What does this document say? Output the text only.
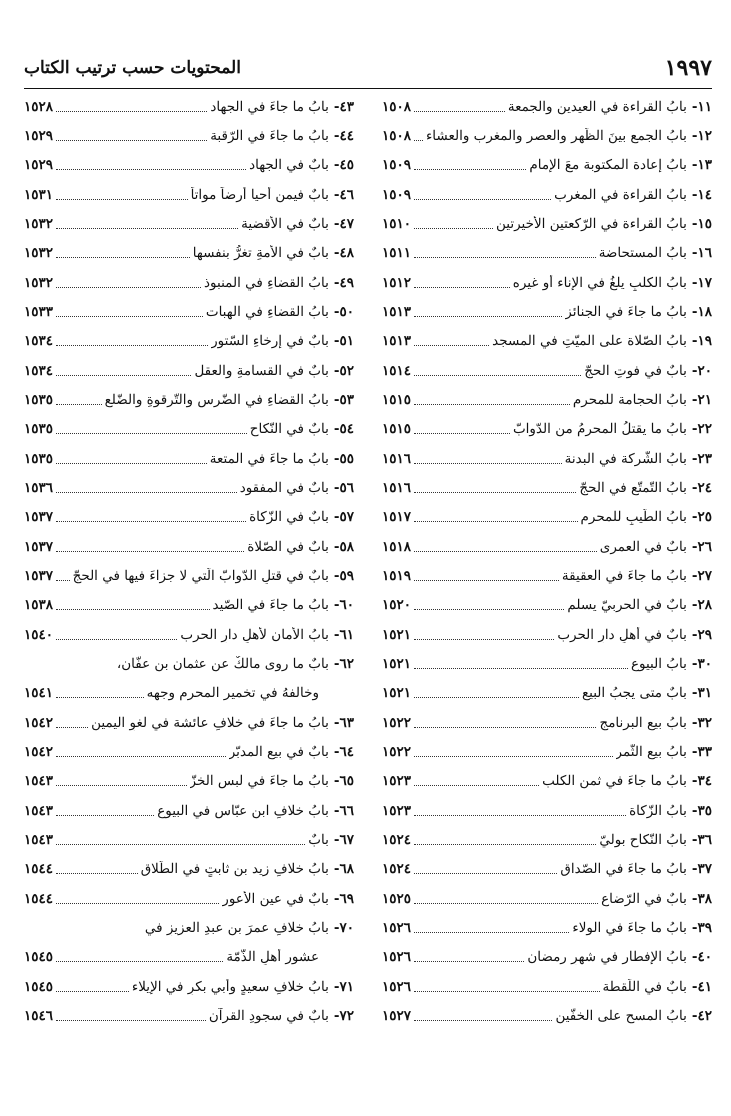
١٩٩٧
المحتويات حسب ترتيب الكتاب
١١-
بابُ القراءة في العيدين والجمعة
١٥٠٨
١٢-
بابُ الجمع بينَ الظُّهر والعصر والمغرب والعشاء
١٥٠٨
١٣-
بابُ إعادة المكتوبة معَ الإمام
١٥٠٩
١٤-
بابُ القراءة في المغرب
١٥٠٩
١٥-
بابُ القراءة في الرّكعتين الأخيرتين
١٥١٠
١٦-
بابُ المستحاضة
١٥١١
١٧-
بابُ الكلبِ يلغُ في الإناء أو غيره
١٥١٢
١٨-
بابُ ما جاءَ في الجنائز
١٥١٣
١٩-
بابُ الصّلاة على الميّتِ في المسجد
١٥١٣
٢٠-
بابٌ في فوتِ الحجّ
١٥١٤
٢١-
بابُ الحجامة للمحرم
١٥١٥
٢٢-
بابُ ما يقتلُ المحرمُ من الدّوابّ
١٥١٥
٢٣-
بابُ الشّركة في البدنة
١٥١٦
٢٤-
بابُ التّمتّع في الحجّ
١٥١٦
٢٥-
بابُ الطّيبِ للمحرم
١٥١٧
٢٦-
بابٌ في العمرى
١٥١٨
٢٧-
بابُ ما جاءَ في العقيقة
١٥١٩
٢٨-
بابٌ في الحربيّ يسلم
١٥٢٠
٢٩-
بابٌ في أهلِ دارِ الحرب
١٥٢١
٣٠-
بابُ البيوع
١٥٢١
٣١-
بابٌ متى يجبُ البيع
١٥٢١
٣٢-
بابُ بيعِ البرنامج
١٥٢٢
٣٣-
بابُ بيعِ الثّمر
١٥٢٢
٣٤-
بابُ ما جاءَ في ثمنِ الكلب
١٥٢٣
٣٥-
بابُ الزّكاة
١٥٢٣
٣٦-
بابُ النّكاح بوليّ
١٥٢٤
٣٧-
بابُ ما جاءَ في الصّداق
١٥٢٤
٣٨-
بابٌ في الرّضاع
١٥٢٥
٣٩-
بابُ ما جاءَ في الولاء
١٥٢٦
٤٠-
بابُ الإفطار في شهرِ رمضان
١٥٢٦
٤١-
بابٌ في اللّقطة
١٥٢٦
٤٢-
بابُ المسح على الخفّين
١٥٢٧
٤٣-
بابُ ما جاءَ في الجهاد
١٥٢٨
٤٤-
بابُ ما جاءَ في الرّقبة
١٥٢٩
٤٥-
بابٌ في الجهاد
١٥٢٩
٤٦-
بابٌ فيمن أحيا أرضاً مواتاً
١٥٣١
٤٧-
بابٌ في الأقضية
١٥٣٢
٤٨-
بابٌ في الأمةِ تغرُّ بنفسها
١٥٣٢
٤٩-
بابُ القضاءِ في المنبوذ
١٥٣٢
٥٠-
بابُ القضاءِ في الهبات
١٥٣٣
٥١-
بابٌ في إرخاءِ السّتور
١٥٣٤
٥٢-
بابٌ في القسامةِ والعقل
١٥٣٤
٥٣-
بابُ القضاءِ في الضّرسِ والتّرقوةِ والضّلع
١٥٣٥
٥٤-
بابٌ في النّكاح
١٥٣٥
٥٥-
بابُ ما جاءَ في المتعة
١٥٣٥
٥٦-
بابٌ في المفقود
١٥٣٦
٥٧-
بابٌ في الزّكاة
١٥٣٧
٥٨-
بابٌ في الصّلاة
١٥٣٧
٥٩-
بابٌ في قتلِ الدّوابّ الّتي لا جزاءَ فيها في الحجّ
١٥٣٧
٦٠-
بابُ ما جاءَ في الصّيد
١٥٣٨
٦١-
بابُ الأمان لأهلِ دارِ الحرب
١٥٤٠
٦٢-
بابٌ ما روى مالكٌ عن عثمان بن عفّان،
وخالفهُ في تخمير المحرم وجهه
١٥٤١
٦٣-
بابُ ما جاءَ في خلافِ عائشة في لغوِ اليمين
١٥٤٢
٦٤-
بابٌ في بيعِ المدبّر
١٥٤٢
٦٥-
بابُ ما جاءَ في لبس الخزّ
١٥٤٣
٦٦-
بابُ خلافِ ابن عبّاس في البيوع
١٥٤٣
٦٧-
بابٌ
١٥٤٣
٦٨-
بابُ خلافِ زيد بن ثابتٍ في الطّلاق
١٥٤٤
٦٩-
بابٌ في عينِ الأعور
١٥٤٤
٧٠-
بابُ خلافِ عمرَ بن عبدِ العزيزِ في
عشور أهلِ الذّمّة
١٥٤٥
٧١-
بابُ خلافِ سعيدٍ وأبي بكرٍ في الإيلاء
١٥٤٥
٧٢-
بابٌ في سجودِ القرآن
١٥٤٦
